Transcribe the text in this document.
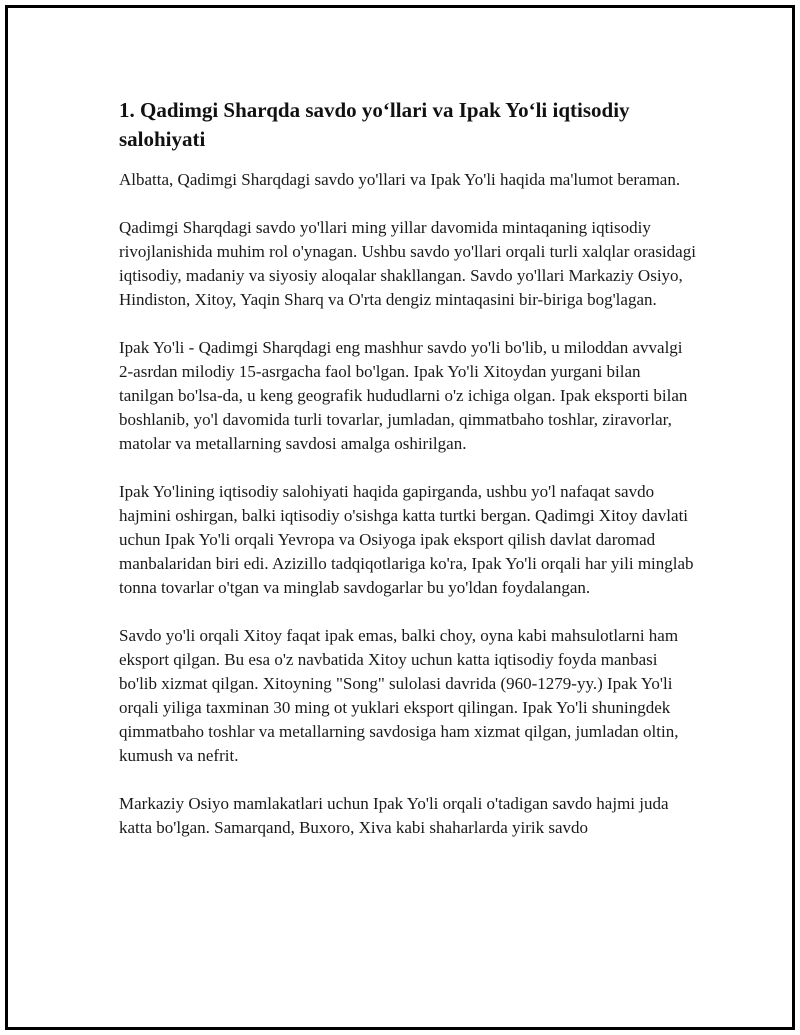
1. Qadimgi Sharqda savdo yo‘llari va Ipak Yo‘li iqtisodiy salohiyati

Albatta, Qadimgi Sharqdagi savdo yo'llari va Ipak Yo'li haqida ma'lumot beraman.

Qadimgi Sharqdagi savdo yo'llari ming yillar davomida mintaqaning iqtisodiy rivojlanishida muhim rol o'ynagan. Ushbu savdo yo'llari orqali turli xalqlar orasidagi iqtisodiy, madaniy va siyosiy aloqalar shakllangan. Savdo yo'llari Markaziy Osiyo, Hindiston, Xitoy, Yaqin Sharq va O'rta dengiz mintaqasini bir-biriga bog'lagan.

Ipak Yo'li - Qadimgi Sharqdagi eng mashhur savdo yo'li bo'lib, u miloddan avvalgi 2-asrdan milodiy 15-asrgacha faol bo'lgan. Ipak Yo'li Xitoydan yurgani bilan tanilgan bo'lsa-da, u keng geografik hududlarni o'z ichiga olgan. Ipak eksporti bilan boshlanib, yo'l davomida turli tovarlar, jumladan, qimmatbaho toshlar, ziravorlar, matolar va metallarning savdosi amalga oshirilgan.

Ipak Yo'lining iqtisodiy salohiyati haqida gapirganda, ushbu yo'l nafaqat savdo hajmini oshirgan, balki iqtisodiy o'sishga katta turtki bergan. Qadimgi Xitoy davlati uchun Ipak Yo'li orqali Yevropa va Osiyoga ipak eksport qilish davlat daromad manbalaridan biri edi. Azizillo tadqiqotlariga ko'ra, Ipak Yo'li orqali har yili minglab tonna tovarlar o'tgan va minglab savdogarlar bu yo'ldan foydalangan.

Savdo yo'li orqali Xitoy faqat ipak emas, balki choy, oyna kabi mahsulotlarni ham eksport qilgan. Bu esa o'z navbatida Xitoy uchun katta iqtisodiy foyda manbasi bo'lib xizmat qilgan. Xitoyning "Song" sulolasi davrida (960-1279-yy.) Ipak Yo'li orqali yiliga taxminan 30 ming ot yuklari eksport qilingan. Ipak Yo'li shuningdek qimmatbaho toshlar va metallarning savdosiga ham xizmat qilgan, jumladan oltin, kumush va nefrit.

Markaziy Osiyo mamlakatlari uchun Ipak Yo'li orqali o'tadigan savdo hajmi juda katta bo'lgan. Samarqand, Buxoro, Xiva kabi shaharlarda yirik savdo
